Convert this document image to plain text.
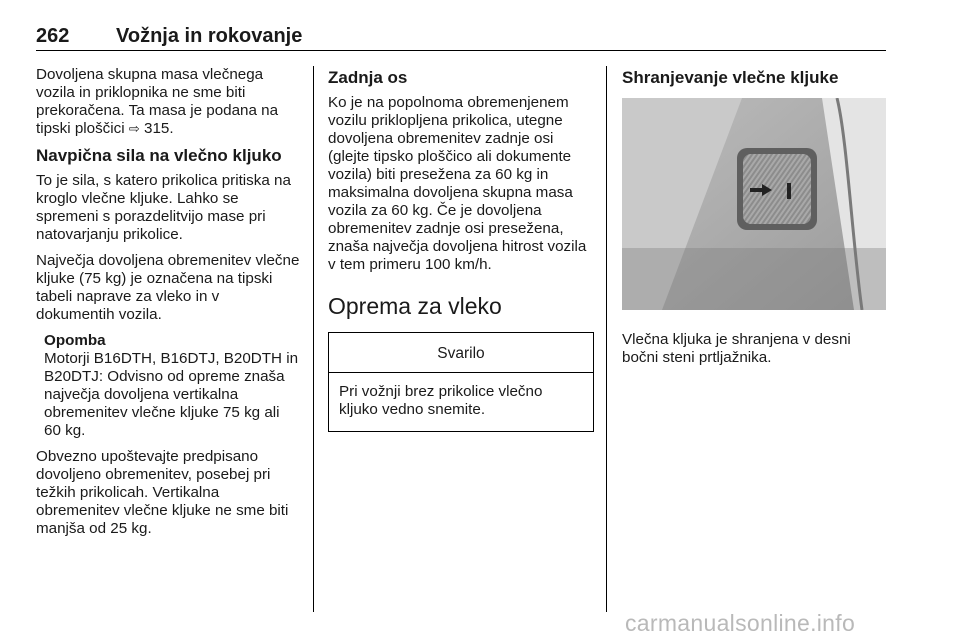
262 Vožnja in rokovanje

Dovoljena skupna masa vlečnega vozila in priklopnika ne sme biti prekoračena. Ta masa je podana na tipski ploščici ⇨ 315.

Navpična sila na vlečno kljuko

To je sila, s katero prikolica pritiska na kroglo vlečne kljuke. Lahko se spremeni s porazdelitvijo mase pri natovarjanju prikolice.

Največja dovoljena obremenitev vlečne kljuke (75 kg) je označena na tipski tabeli naprave za vleko in v dokumentih vozila.

Opomba

Motorji B16DTH, B16DTJ, B20DTH in B20DTJ: Odvisno od opreme znaša največja dovoljena vertikalna obremenitev vlečne kljuke 75 kg ali 60 kg.

Obvezno upoštevajte predpisano dovoljeno obremenitev, posebej pri težkih prikolicah. Vertikalna obremenitev vlečne kljuke ne sme biti manjša od 25 kg.

Zadnja os

Ko je na popolnoma obremenjenem vozilu priklopljena prikolica, utegne dovoljena obremenitev zadnje osi (glejte tipsko ploščico ali dokumente vozila) biti presežena za 60 kg in maksimalna dovoljena skupna masa vozila za 60 kg. Če je dovoljena obremenitev zadnje osi presežena, znaša največja dovoljena hitrost vozila v tem primeru 100 km/h.

Oprema za vleko
Svarilo
Pri vožnji brez prikolice vlečno kljuko vedno snemite.
Shranjevanje vlečne kljuke

Vlečna kljuka je shranjena v desni bočni steni prtljažnika.

carmanualsonline.info
